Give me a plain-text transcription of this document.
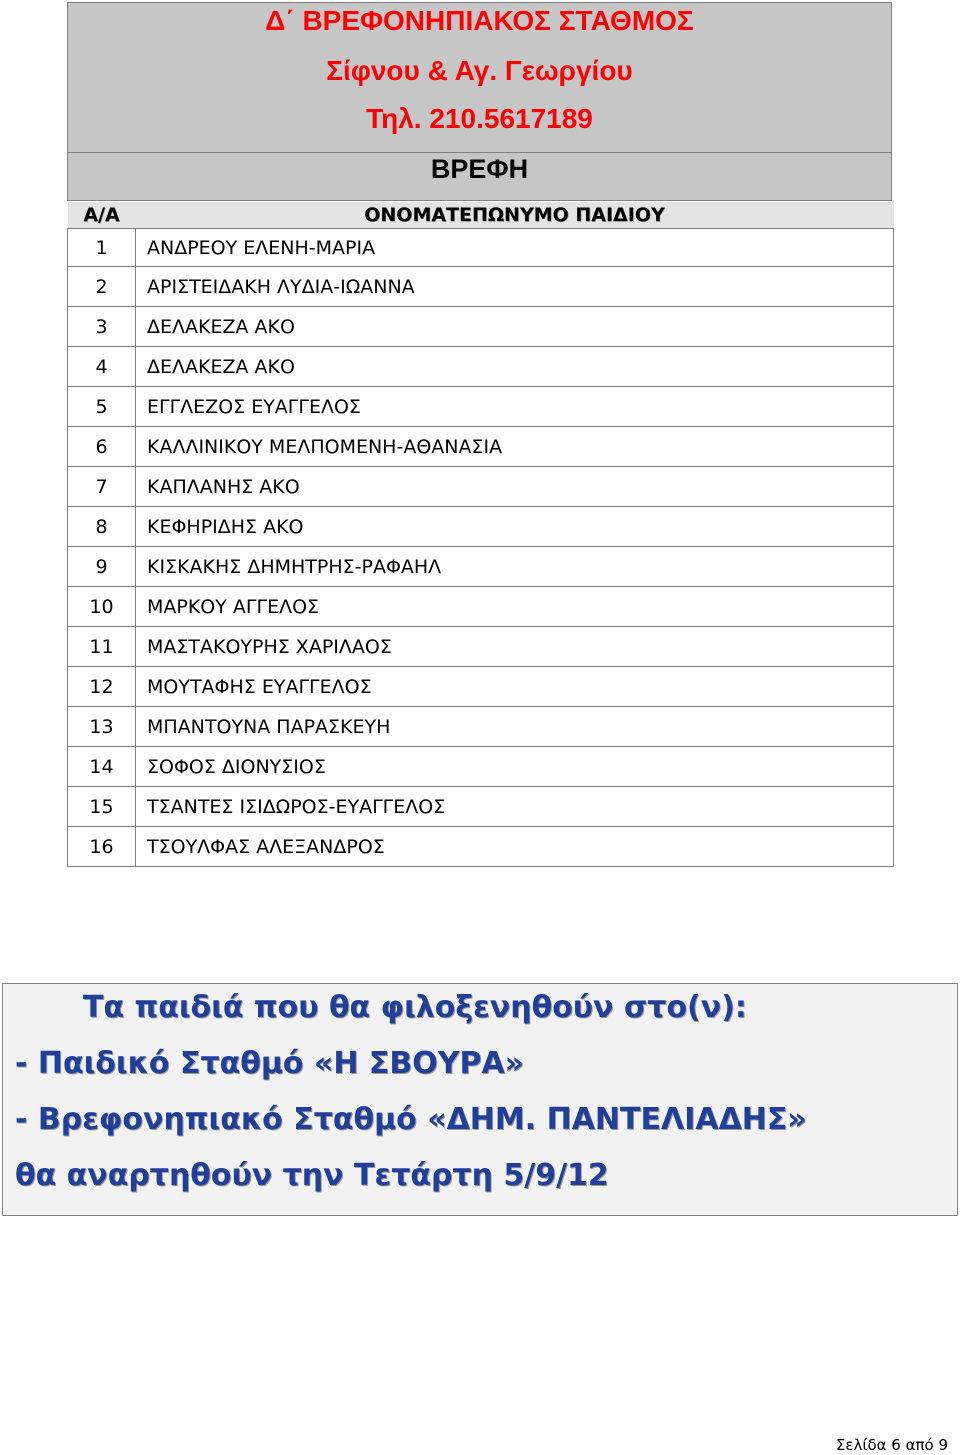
Δ΄ ΒΡΕΦΟΝΗΠΙΑΚΟΣ ΣΤΑΘΜΟΣ
Σίφνου & Αγ. Γεωργίου
Τηλ. 210.5617189
ΒΡΕΦΗ
Α/Α	ΟΝΟΜΑΤΕΠΩΝΥΜΟ ΠΑΙΔΙΟΥ
1	ΑΝΔΡΕΟΥ ΕΛΕΝΗ-ΜΑΡΙΑ
2	ΑΡΙΣΤΕΙΔΑΚΗ ΛΥΔΙΑ-ΙΩΑΝΝΑ
3	ΔΕΛΑΚΕΖΑ ΑΚΟ
4	ΔΕΛΑΚΕΖΑ ΑΚΟ
5	ΕΓΓΛΕΖΟΣ ΕΥΑΓΓΕΛΟΣ
6	ΚΑΛΛΙΝΙΚΟΥ ΜΕΛΠΟΜΕΝΗ-ΑΘΑΝΑΣΙΑ
7	ΚΑΠΛΑΝΗΣ ΑΚΟ
8	ΚΕΦΗΡΙΔΗΣ ΑΚΟ
9	ΚΙΣΚΑΚΗΣ ΔΗΜΗΤΡΗΣ-ΡΑΦΑΗΛ
10	ΜΑΡΚΟΥ ΑΓΓΕΛΟΣ
11	ΜΑΣΤΑΚΟΥΡΗΣ ΧΑΡΙΛΑΟΣ
12	ΜΟΥΤΑΦΗΣ ΕΥΑΓΓΕΛΟΣ
13	ΜΠΑΝΤΟΥΝΑ ΠΑΡΑΣΚΕΥΗ
14	ΣΟΦΟΣ ΔΙΟΝΥΣΙΟΣ
15	ΤΣΑΝΤΕΣ ΙΣΙΔΩΡΟΣ-ΕΥΑΓΓΕΛΟΣ
16	ΤΣΟΥΛΦΑΣ ΑΛΕΞΑΝΔΡΟΣ
Τα παιδιά που θα φιλοξενηθούν στο(ν):
- Παιδικό Σταθμό «Η ΣΒΟΥΡΑ»
- Βρεφονηπιακό Σταθμό «ΔΗΜ. ΠΑΝΤΕΛΙΑΔΗΣ»
θα αναρτηθούν την Τετάρτη 5/9/12
Σελίδα 6 από 9
